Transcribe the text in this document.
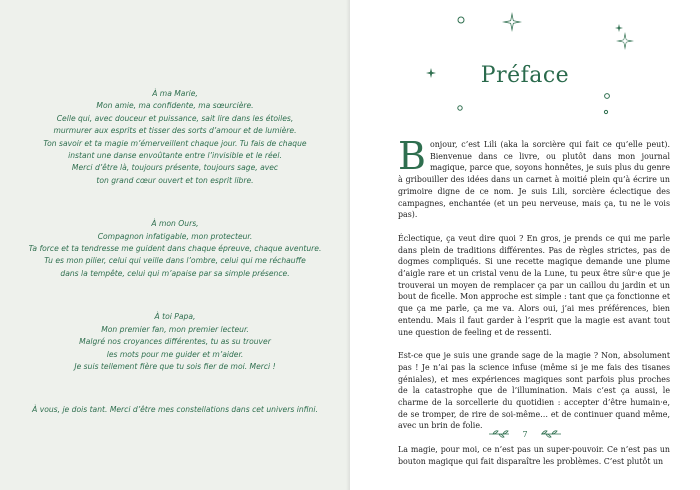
À ma Marie,
Mon amie, ma confidente, ma sœurcière.
Celle qui, avec douceur et puissance, sait lire dans les étoiles,
murmurer aux esprits et tisser des sorts d’amour et de lumière.
Ton savoir et ta magie m’émerveillent chaque jour. Tu fais de chaque
instant une danse envoûtante entre l’invisible et le réel.
Merci d’être là, toujours présente, toujours sage, avec
ton grand cœur ouvert et ton esprit libre.
À mon Ours,
Compagnon infatigable, mon protecteur.
Ta force et ta tendresse me guident dans chaque épreuve, chaque aventure.
Tu es mon pilier, celui qui veille dans l’ombre, celui qui me réchauffe
dans la tempête, celui qui m’apaise par sa simple présence.
À toi Papa,
Mon premier fan, mon premier lecteur.
Malgré nos croyances différentes, tu as su trouver
les mots pour me guider et m’aider.
Je suis tellement fière que tu sois fier de moi. Merci !
À vous, je dois tant. Merci d’être mes constellations dans cet univers infini.
Préface

Bonjour, c’est Lili (aka la sorcière qui fait ce qu’elle peut). Bienvenue dans ce livre, ou plutôt dans mon journal magique, parce que, soyons honnêtes, je suis plus du genre à gribouiller des idées dans un carnet à moitié plein qu’à écrire un grimoire digne de ce nom. Je suis Lili, sorcière éclectique des campagnes, enchantée (et un peu nerveuse, mais ça, tu ne le vois pas).

Éclectique, ça veut dire quoi ? En gros, je prends ce qui me parle dans plein de traditions différentes. Pas de règles strictes, pas de dogmes compliqués. Si une recette magique demande une plume d’aigle rare et un cristal venu de la Lune, tu peux être sûr·e que je trouverai un moyen de remplacer ça par un caillou du jardin et un bout de ficelle. Mon approche est simple : tant que ça fonctionne et que ça me parle, ça me va. Alors oui, j’ai mes préférences, bien entendu. Mais il faut garder à l’esprit que la magie est avant tout une question de feeling et de ressenti.

Est-ce que je suis une grande sage de la magie ? Non, absolument pas ! Je n’ai pas la science infuse (même si je me fais des tisanes géniales), et mes expériences magiques sont parfois plus proches de la catastrophe que de l’illumination. Mais c’est ça aussi, le charme de la sorcellerie du quotidien : accepter d’être humain·e, de se tromper, de rire de soi-même… et de continuer quand même, avec un brin de folie.

La magie, pour moi, ce n’est pas un super-pouvoir. Ce n’est pas un bouton magique qui fait disparaître les problèmes. C’est plutôt un

7
